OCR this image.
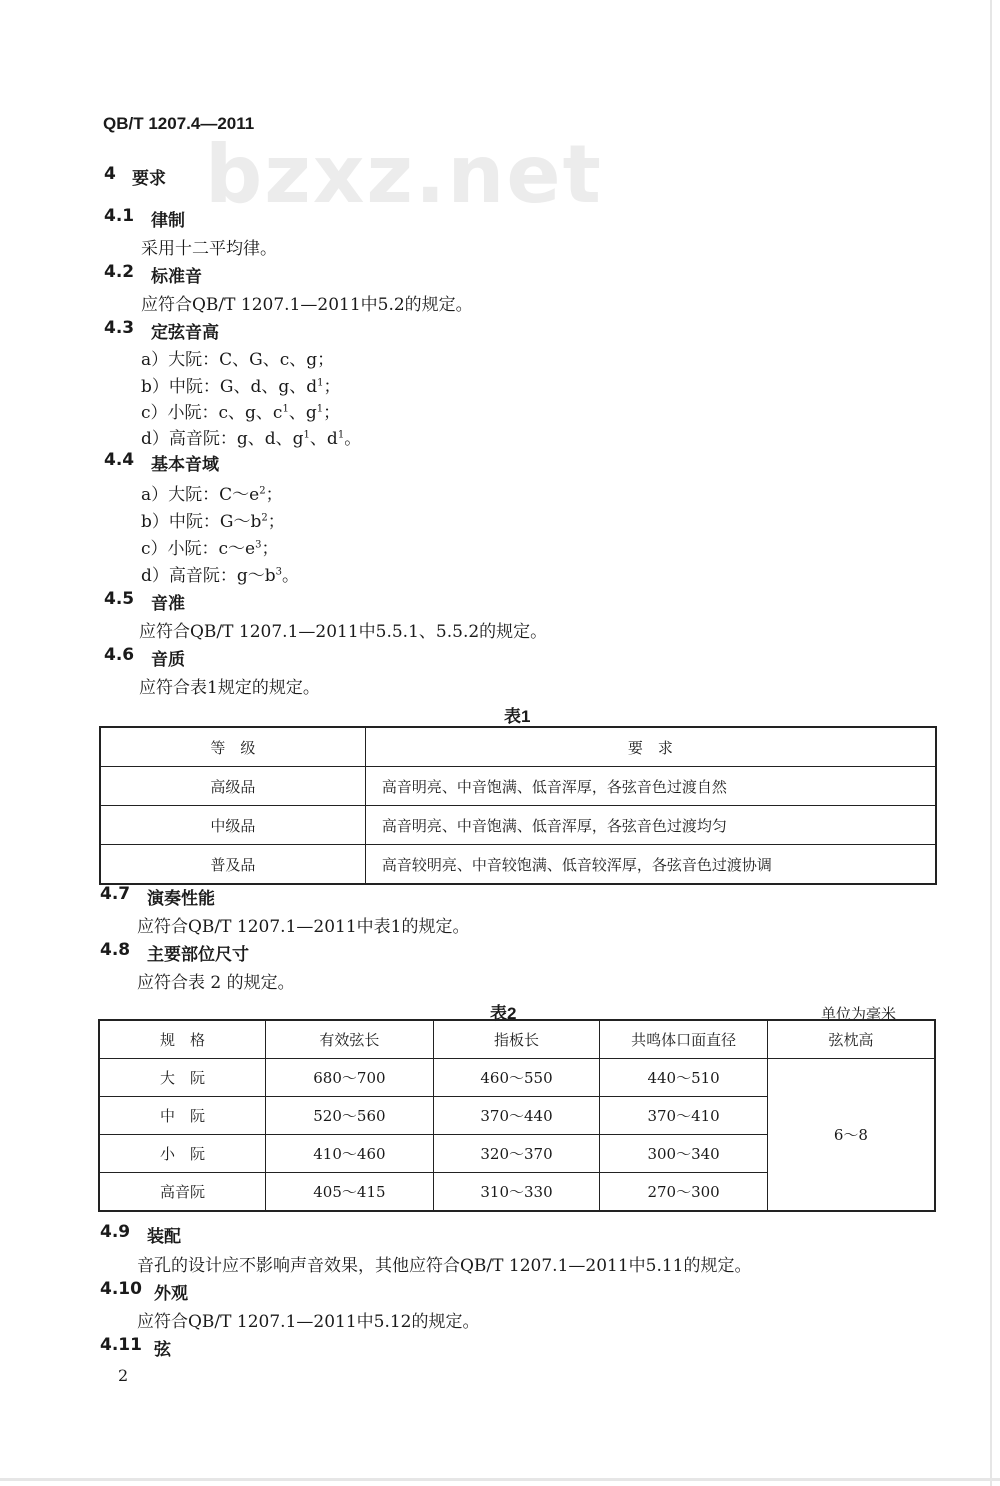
bzxz.net
QB/T 1207.4—2011
4 要求
4.1 律制
采用十二平均律。
4.2 标准音
应符合QB/T 1207.1—2011中5.2的规定。
4.3 定弦音高
a）大阮：C、G、c、g；
b）中阮：G、d、g、$d^1$；
c）小阮：c、g、$c^1$、$g^1$；
d）高音阮：g、d、$g^1$、$d^1$。
4.4 基本音域
a）大阮：$C\sim e^2$；
b）中阮：$G\sim b^2$；
c）小阮：$c\sim e^3$；
d）高音阮：$g\sim b^3$。
4.5 音准
应符合QB/T 1207.1—2011中5.5.1、5.5.2的规定。
4.6 音质
应符合表1规定的规定。
表1
等　级	要　求
高级品	高音明亮、中音饱满、低音浑厚，各弦音色过渡自然
中级品	高音明亮、中音饱满、低音浑厚，各弦音色过渡均匀
普及品	高音较明亮、中音较饱满、低音较浑厚，各弦音色过渡协调
4.7 演奏性能
应符合QB/T 1207.1—2011中表1的规定。
4.8 主要部位尺寸
应符合表 2 的规定。
表2	单位为毫米
规　格	有效弦长	指板长	共鸣体口面直径	弦枕高
大　阮	680～700	460～550	440～510	6～8
中　阮	520～560	370～440	370～410	
小　阮	410～460	320～370	300～340	
高音阮	405～415	310～330	270～300	
4.9 装配
音孔的设计应不影响声音效果，其他应符合QB/T 1207.1—2011中5.11的规定。
4.10 外观
应符合QB/T 1207.1—2011中5.12的规定。
4.11 弦
2
